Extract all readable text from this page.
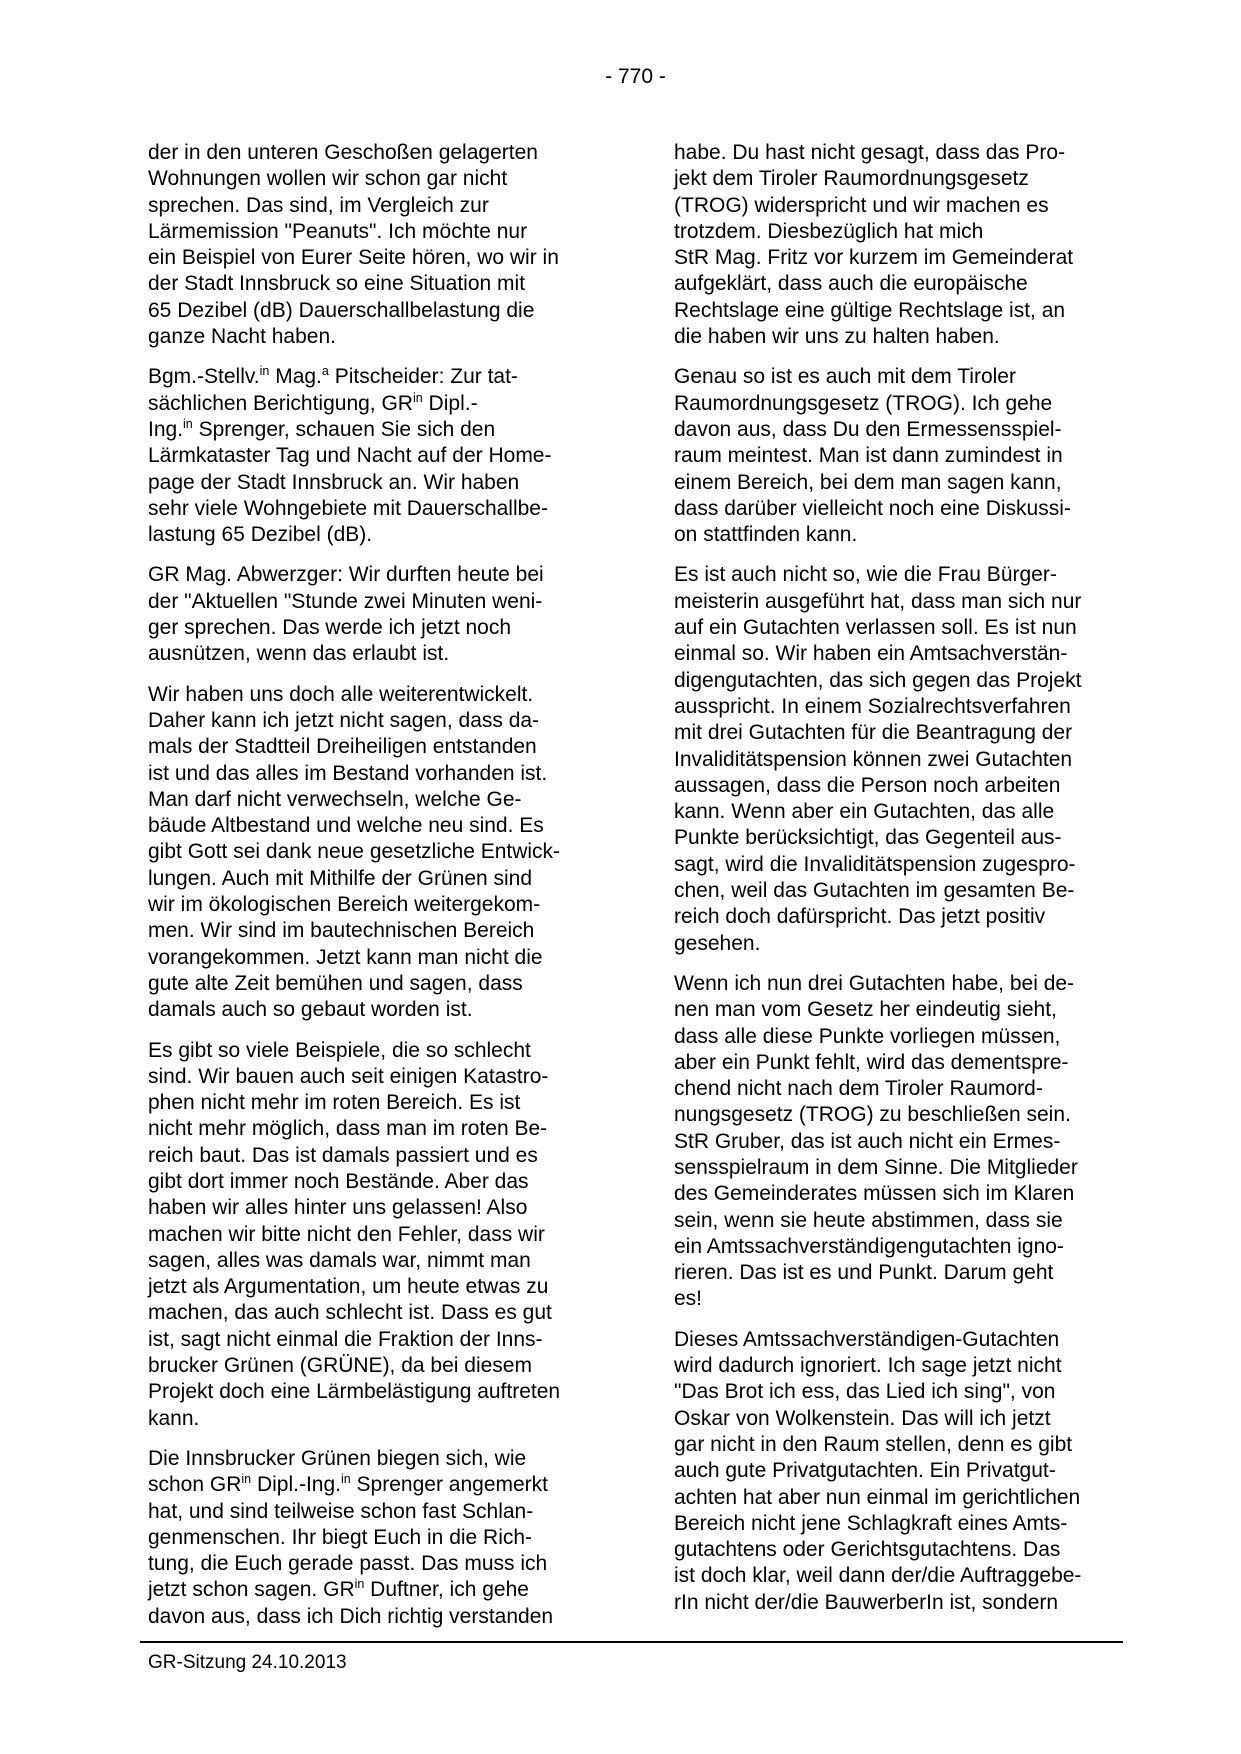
- 770 -
der in den unteren Geschoßen gelagerten
Wohnungen wollen wir schon gar nicht
sprechen. Das sind, im Vergleich zur
Lärmemission "Peanuts". Ich möchte nur
ein Beispiel von Eurer Seite hören, wo wir in
der Stadt Innsbruck so eine Situation mit
65 Dezibel (dB) Dauerschallbelastung die
ganze Nacht haben.
Bgm.-Stellv.$^{in}$ Mag.$^a$ Pitscheider: Zur tat-
sächlichen Berichtigung, $GR^{in}$ Dipl.-
Ing.$^{in}$ Sprenger, schauen Sie sich den
Lärmkataster Tag und Nacht auf der Home-
page der Stadt Innsbruck an. Wir haben
sehr viele Wohngebiete mit Dauerschallbe-
lastung 65 Dezibel (dB).
GR Mag. Abwerzger: Wir durften heute bei
der "Aktuellen "Stunde zwei Minuten weni-
ger sprechen. Das werde ich jetzt noch
ausnützen, wenn das erlaubt ist.
Wir haben uns doch alle weiterentwickelt.
Daher kann ich jetzt nicht sagen, dass da-
mals der Stadtteil Dreiheiligen entstanden
ist und das alles im Bestand vorhanden ist.
Man darf nicht verwechseln, welche Ge-
bäude Altbestand und welche neu sind. Es
gibt Gott sei dank neue gesetzliche Entwick-
lungen. Auch mit Mithilfe der Grünen sind
wir im ökologischen Bereich weitergekom-
men. Wir sind im bautechnischen Bereich
vorangekommen. Jetzt kann man nicht die
gute alte Zeit bemühen und sagen, dass
damals auch so gebaut worden ist.
Es gibt so viele Beispiele, die so schlecht
sind. Wir bauen auch seit einigen Katastro-
phen nicht mehr im roten Bereich. Es ist
nicht mehr möglich, dass man im roten Be-
reich baut. Das ist damals passiert und es
gibt dort immer noch Bestände. Aber das
haben wir alles hinter uns gelassen! Also
machen wir bitte nicht den Fehler, dass wir
sagen, alles was damals war, nimmt man
jetzt als Argumentation, um heute etwas zu
machen, das auch schlecht ist. Dass es gut
ist, sagt nicht einmal die Fraktion der Inns-
brucker Grünen (GRÜNE), da bei diesem
Projekt doch eine Lärmbelästigung auftreten
kann.
Die Innsbrucker Grünen biegen sich, wie
schon $GR^{in}$ Dipl.-Ing.$^{in}$ Sprenger angemerkt
hat, und sind teilweise schon fast Schlan-
genmenschen. Ihr biegt Euch in die Rich-
tung, die Euch gerade passt. Das muss ich
jetzt schon sagen. $GR^{in}$ Duftner, ich gehe
davon aus, dass ich Dich richtig verstanden
habe. Du hast nicht gesagt, dass das Pro-
jekt dem Tiroler Raumordnungsgesetz
(TROG) widerspricht und wir machen es
trotzdem. Diesbezüglich hat mich
StR Mag. Fritz vor kurzem im Gemeinderat
aufgeklärt, dass auch die europäische
Rechtslage eine gültige Rechtslage ist, an
die haben wir uns zu halten haben.
Genau so ist es auch mit dem Tiroler
Raumordnungsgesetz (TROG). Ich gehe
davon aus, dass Du den Ermessensspiel-
raum meintest. Man ist dann zumindest in
einem Bereich, bei dem man sagen kann,
dass darüber vielleicht noch eine Diskussi-
on stattfinden kann.
Es ist auch nicht so, wie die Frau Bürger-
meisterin ausgeführt hat, dass man sich nur
auf ein Gutachten verlassen soll. Es ist nun
einmal so. Wir haben ein Amtsachverstän-
digengutachten, das sich gegen das Projekt
ausspricht. In einem Sozialrechtsverfahren
mit drei Gutachten für die Beantragung der
Invaliditätspension können zwei Gutachten
aussagen, dass die Person noch arbeiten
kann. Wenn aber ein Gutachten, das alle
Punkte berücksichtigt, das Gegenteil aus-
sagt, wird die Invaliditätspension zugespro-
chen, weil das Gutachten im gesamten Be-
reich doch dafürspricht. Das jetzt positiv
gesehen.
Wenn ich nun drei Gutachten habe, bei de-
nen man vom Gesetz her eindeutig sieht,
dass alle diese Punkte vorliegen müssen,
aber ein Punkt fehlt, wird das dementspre-
chend nicht nach dem Tiroler Raumord-
nungsgesetz (TROG) zu beschließen sein.
StR Gruber, das ist auch nicht ein Ermes-
sensspielraum in dem Sinne. Die Mitglieder
des Gemeinderates müssen sich im Klaren
sein, wenn sie heute abstimmen, dass sie
ein Amtssachverständigengutachten igno-
rieren. Das ist es und Punkt. Darum geht
es!
Dieses Amtssachverständigen-Gutachten
wird dadurch ignoriert. Ich sage jetzt nicht
"Das Brot ich ess, das Lied ich sing", von
Oskar von Wolkenstein. Das will ich jetzt
gar nicht in den Raum stellen, denn es gibt
auch gute Privatgutachten. Ein Privatgut-
achten hat aber nun einmal im gerichtlichen
Bereich nicht jene Schlagkraft eines Amts-
gutachtens oder Gerichtsgutachtens. Das
ist doch klar, weil dann der/die Auftraggebe-
rIn nicht der/die BauwerberIn ist, sondern
GR-Sitzung 24.10.2013
